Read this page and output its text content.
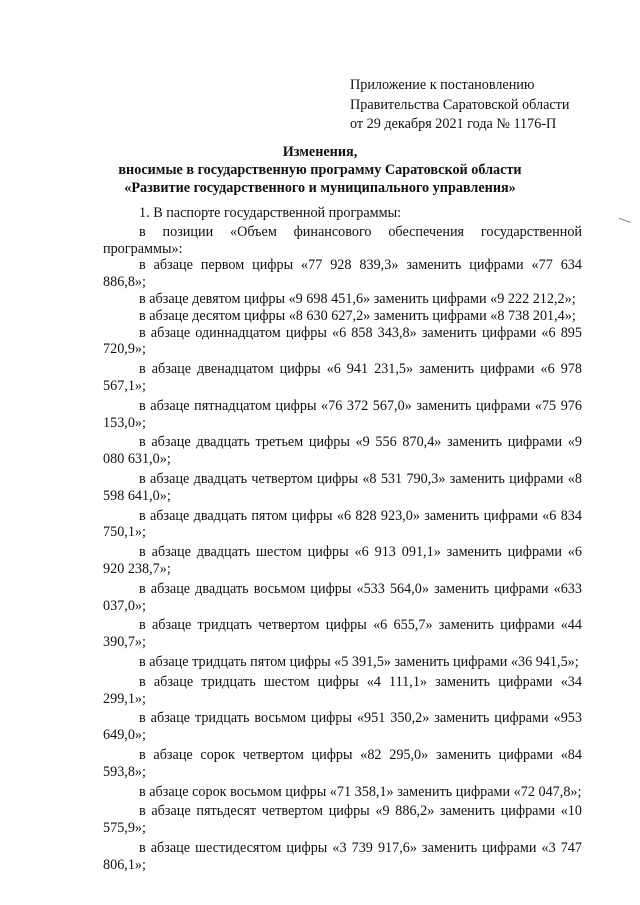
Приложение к постановлению
Правительства Саратовской области
от 29 декабря 2021 года № 1176-П
Изменения,
вносимые в государственную программу Саратовской области
«Развитие государственного и муниципального управления»

1. В паспорте государственной программы:

в позиции «Объем финансового обеспечения государственной программы»:

в абзаце первом цифры «77 928 839,3» заменить цифрами «77 634 886,8»;

в абзаце девятом цифры «9 698 451,6» заменить цифрами «9 222 212,2»;

в абзаце десятом цифры «8 630 627,2» заменить цифрами «8 738 201,4»;

в абзаце одиннадцатом цифры «6 858 343,8» заменить цифрами «6 895 720,9»;

в абзаце двенадцатом цифры «6 941 231,5» заменить цифрами «6 978 567,1»;

в абзаце пятнадцатом цифры «76 372 567,0» заменить цифрами «75 976 153,0»;

в абзаце двадцать третьем цифры «9 556 870,4» заменить цифрами «9 080 631,0»;

в абзаце двадцать четвертом цифры «8 531 790,3» заменить цифрами «8 598 641,0»;

в абзаце двадцать пятом цифры «6 828 923,0» заменить цифрами «6 834 750,1»;

в абзаце двадцать шестом цифры «6 913 091,1» заменить цифрами «6 920 238,7»;

в абзаце двадцать восьмом цифры «533 564,0» заменить цифрами «633 037,0»;

в абзаце тридцать четвертом цифры «6 655,7» заменить цифрами «44 390,7»;

в абзаце тридцать пятом цифры «5 391,5» заменить цифрами «36 941,5»;

в абзаце тридцать шестом цифры «4 111,1» заменить цифрами «34 299,1»;

в абзаце тридцать восьмом цифры «951 350,2» заменить цифрами «953 649,0»;

в абзаце сорок четвертом цифры «82 295,0» заменить цифрами «84 593,8»;

в абзаце сорок восьмом цифры «71 358,1» заменить цифрами «72 047,8»;

в абзаце пятьдесят четвертом цифры «9 886,2» заменить цифрами «10 575,9»;

в абзаце шестидесятом цифры «3 739 917,6» заменить цифрами «3 747 806,1»;
